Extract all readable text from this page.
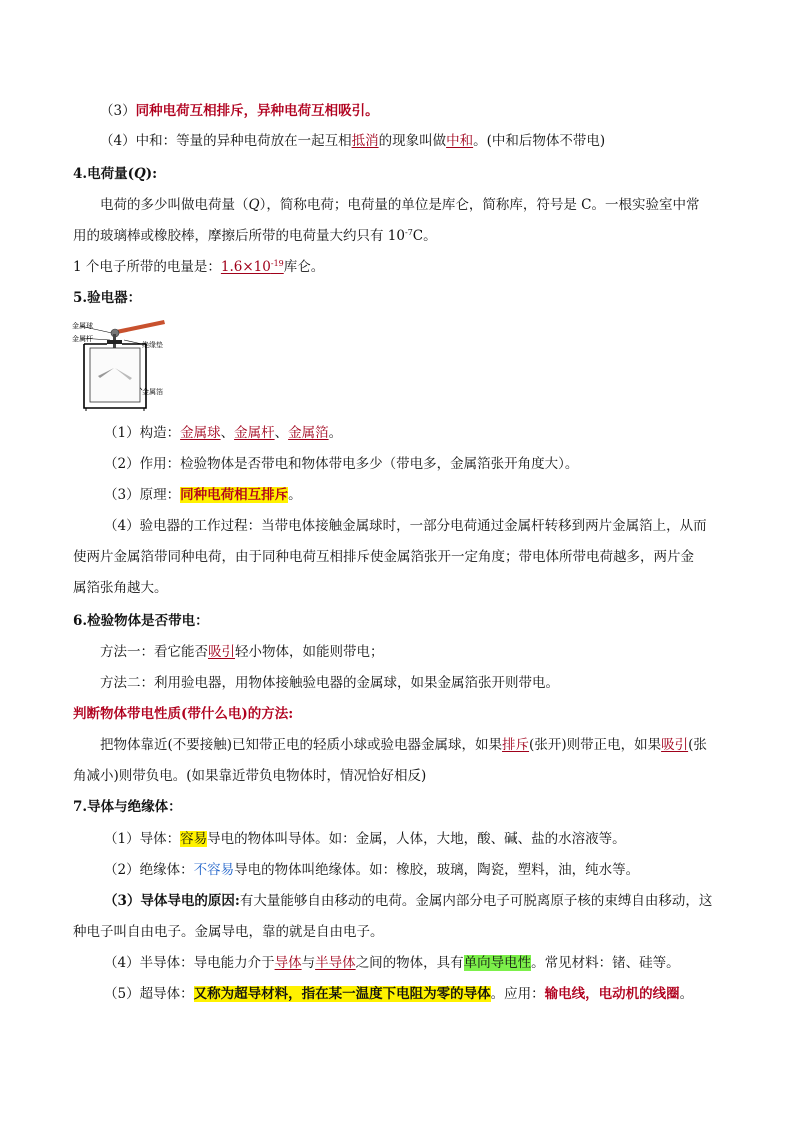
（3）同种电荷互相排斥，异种电荷互相吸引。
（4）中和：等量的异种电荷放在一起互相抵消的现象叫做中和。(中和后物体不带电)
4.电荷量(Q):
电荷的多少叫做电荷量（Q），简称电荷；电荷量的单位是库仑，简称库，符号是 C。一根实验室中常
用的玻璃棒或橡胶棒，摩擦后所带的电荷量大约只有 $10^{-7}C$。
1 个电子所带的电量是：$1.6\times 10^{-19}$库仑。
5.验电器：
金属球
金属杆
绝缘垫
金属箔
（1）构造：金属球、金属杆、金属箔。
（2）作用：检验物体是否带电和物体带电多少（带电多，金属箔张开角度大）。
（3）原理：同种电荷相互排斥。
（4）验电器的工作过程：当带电体接触金属球时，一部分电荷通过金属杆转移到两片金属箔上，从而
使两片金属箔带同种电荷，由于同种电荷互相排斥使金属箔张开一定角度；带电体所带电荷越多，两片金
属箔张角越大。
6.检验物体是否带电：
方法一：看它能否吸引轻小物体，如能则带电；
方法二：利用验电器，用物体接触验电器的金属球，如果金属箔张开则带电。
判断物体带电性质(带什么电)的方法:
把物体靠近(不要接触)已知带正电的轻质小球或验电器金属球，如果排斥(张开)则带正电，如果吸引(张
角减小)则带负电。(如果靠近带负电物体时，情况恰好相反)
7.导体与绝缘体：
（1）导体：容易导电的物体叫导体。如：金属，人体，大地，酸、碱、盐的水溶液等。
（2）绝缘体：不容易导电的物体叫绝缘体。如：橡胶，玻璃，陶瓷，塑料，油，纯水等。
（3）导体导电的原因:有大量能够自由移动的电荷。金属内部分电子可脱离原子核的束缚自由移动，这
种电子叫自由电子。金属导电，靠的就是自由电子。
（4）半导体：导电能力介于导体与半导体之间的物体，具有单向导电性。常见材料：锗、硅等。
（5）超导体：又称为超导材料，指在某一温度下电阻为零的导体。应用：输电线，电动机的线圈。
